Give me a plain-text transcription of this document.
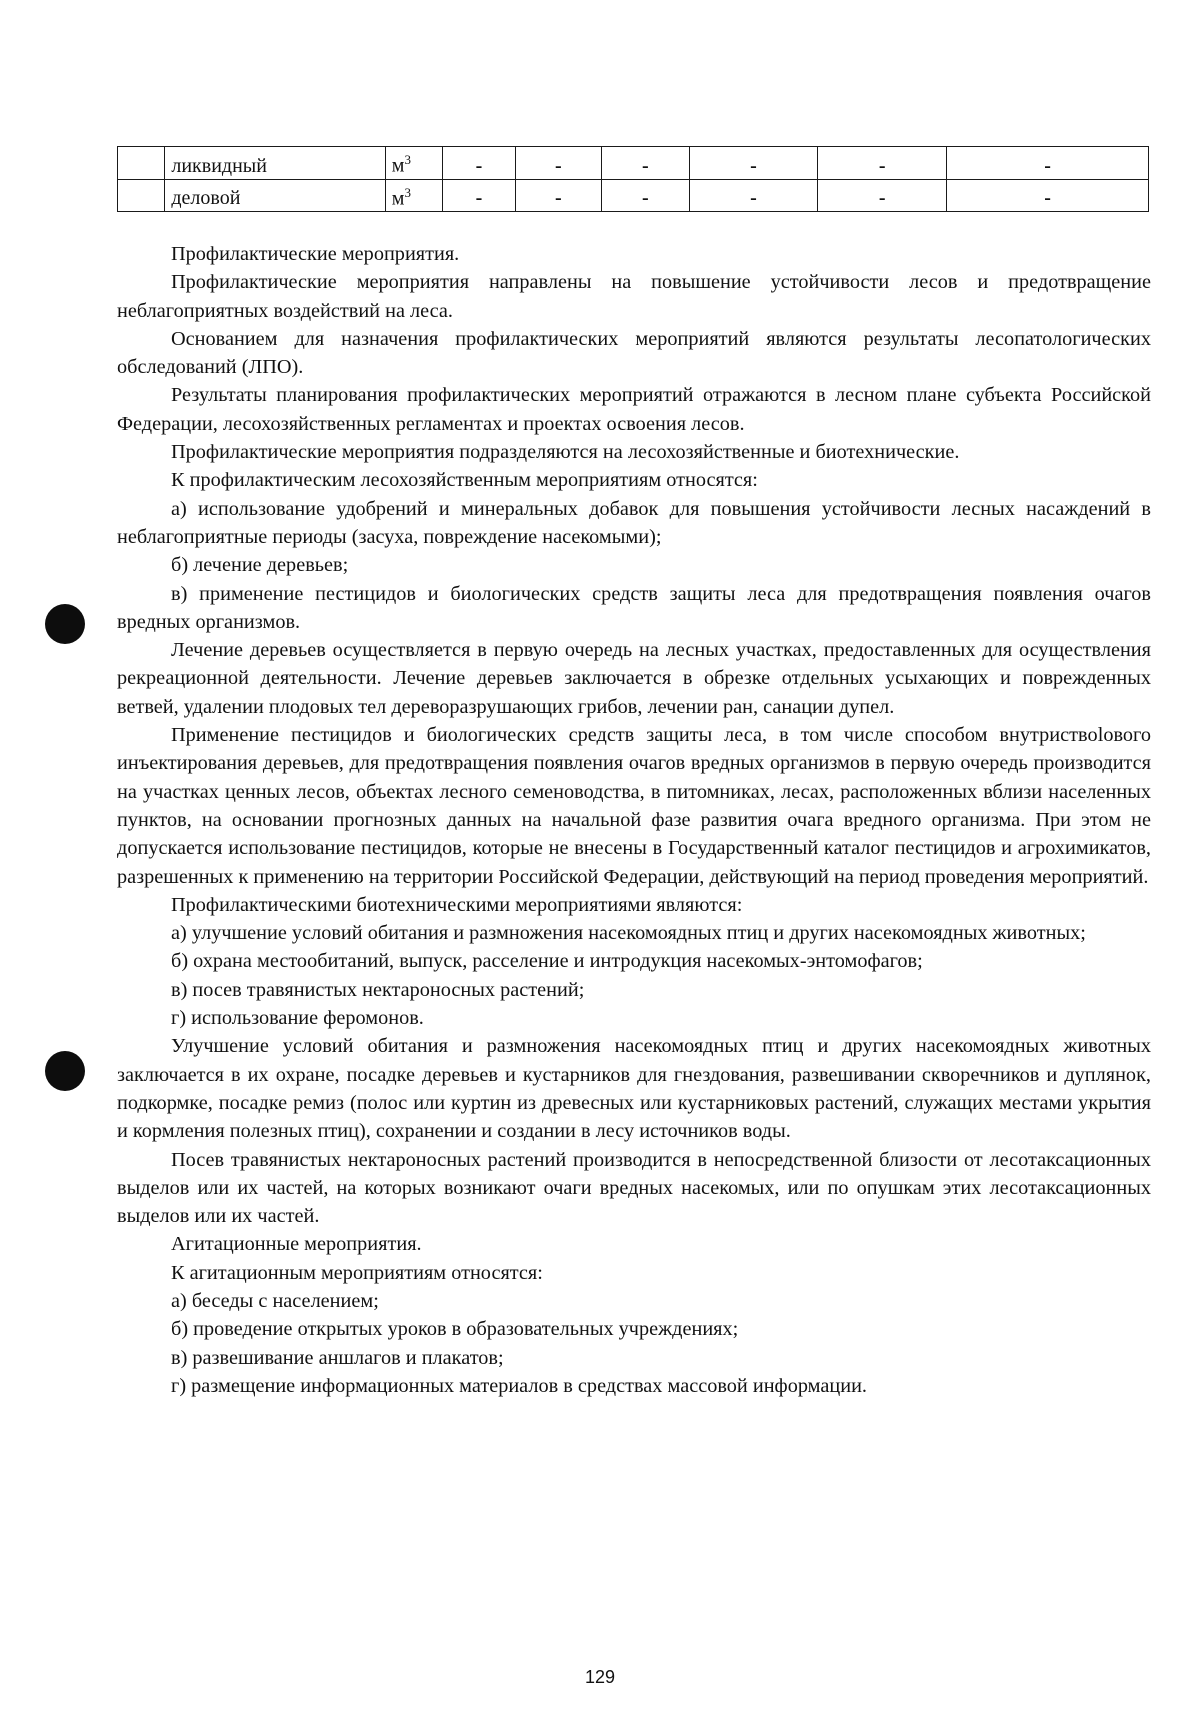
	ликвидный	$м^3$	-	-	-	-	-	-
	деловой	$м^3$	-	-	-	-	-	-

Профилактические мероприятия.

Профилактические мероприятия направлены на повышение устойчивости лесов и предотвращение неблагоприятных воздействий на леса.

Основанием для назначения профилактических мероприятий являются результаты лесопатологических обследований (ЛПО).

Результаты планирования профилактических мероприятий отражаются в лесном плане субъекта Российской Федерации, лесохозяйственных регламентах и проектах освоения лесов.

Профилактические мероприятия подразделяются на лесохозяйственные и биотехнические.

К профилактическим лесохозяйственным мероприятиям относятся:

а) использование удобрений и минеральных добавок для повышения устойчивости лесных насаждений в неблагоприятные периоды (засуха, повреждение насекомыми);

б) лечение деревьев;

в) применение пестицидов и биологических средств защиты леса для предотвращения появления очагов вредных организмов.

Лечение деревьев осуществляется в первую очередь на лесных участках, предоставленных для осуществления рекреационной деятельности. Лечение деревьев заключается в обрезке отдельных усыхающих и поврежденных ветвей, удалении плодовых тел дереворазрушающих грибов, лечении ран, санации дупел.

Применение пестицидов и биологических средств защиты леса, в том числе способом внутриствolового инъектирования деревьев, для предотвращения появления очагов вредных организмов в первую очередь производится на участках ценных лесов, объектах лесного семеноводства, в питомниках, лесах, расположенных вблизи населенных пунктов, на основании прогнозных данных на начальной фазе развития очага вредного организма. При этом не допускается использование пестицидов, которые не внесены в Государственный каталог пестицидов и агрохимикатов, разрешенных к применению на территории Российской Федерации, действующий на период проведения мероприятий.

Профилактическими биотехническими мероприятиями являются:

а) улучшение условий обитания и размножения насекомоядных птиц и других насекомоядных животных;

б) охрана местообитаний, выпуск, расселение и интродукция насекомых-энтомофагов;

в) посев травянистых нектароносных растений;

г) использование феромонов.

Улучшение условий обитания и размножения насекомоядных птиц и других насекомоядных животных заключается в их охране, посадке деревьев и кустарников для гнездования, развешивании скворечников и дуплянок, подкормке, посадке ремиз (полос или куртин из древесных или кустарниковых растений, служащих местами укрытия и кормления полезных птиц), сохранении и создании в лесу источников воды.

Посев травянистых нектароносных растений производится в непосредственной близости от лесотаксационных выделов или их частей, на которых возникают очаги вредных насекомых, или по опушкам этих лесотаксационных выделов или их частей.

Агитационные мероприятия.

К агитационным мероприятиям относятся:

а) беседы с населением;

б) проведение открытых уроков в образовательных учреждениях;

в) развешивание аншлагов и плакатов;

г) размещение информационных материалов в средствах массовой информации.

129
